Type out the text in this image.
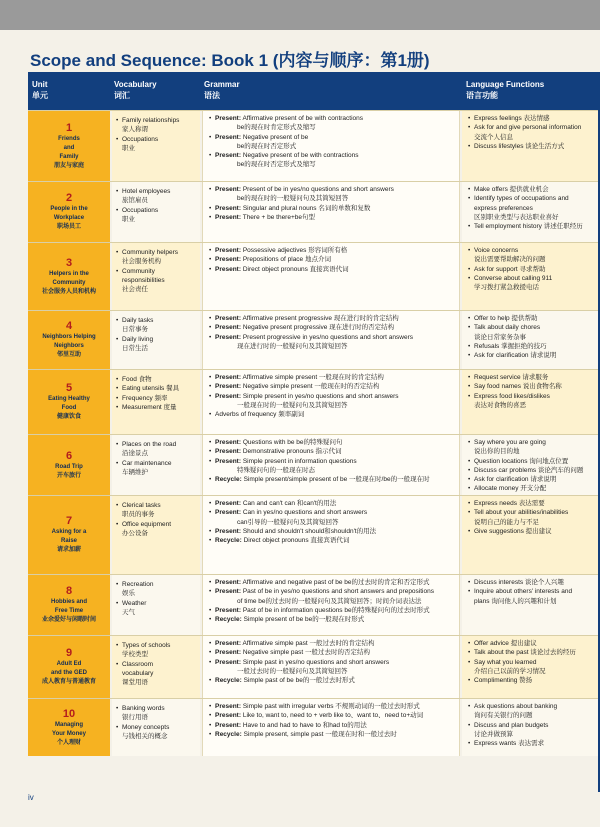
Scope and Sequence: Book 1 (内容与顺序：第1册)
Unit
单元
Vocabulary
词汇
Grammar
语法
Language Functions
语言功能
1
Friends
and
Family
朋友与家庭
• Family relationships
家人称谓
• Occupations
职业
• Present: Affirmative present of be with contractions
be的现在时肯定形式及缩写
• Present: Negative present of be
be的现在时否定形式
• Present: Negative present of be with contractions
be的现在时否定形式及缩写
• Express feelings 表达情感
• Ask for and give personal information
交流个人信息
• Discuss lifestyles 谈论生活方式
2
People in the
Workplace
职场员工
• Hotel employees
旅馆雇员
• Occupations
职业
• Present: Present of be in yes/no questions and short answers
be的现在时的一般疑问句及其简短回答
• Present: Singular and plural nouns 名词的单数和复数
• Present: There + be there+be句型
• Make offers 提供就业机会
• Identify types of occupations and
express preferences
区别职业类型与表达职业喜好
• Tell employment history 讲述任职经历
3
Helpers in the
Community
社会服务人员和机构
• Community helpers
社会服务机构
• Community
responsibilities
社会责任
• Present: Possessive adjectives 形容词所有格
• Present: Prepositions of place 地点介词
• Present: Direct object pronouns 直接宾语代词
• Voice concerns
说出需要帮助解决的问题
• Ask for support 寻求帮助
• Converse about calling 911
学习拨打紧急救援电话
4
Neighbors Helping
Neighbors
邻里互助
• Daily tasks
日常事务
• Daily living
日常生活
• Present: Affirmative present progressive 现在进行时的肯定结构
• Present: Negative present progressive 现在进行时的否定结构
• Present: Present progressive in yes/no questions and short answers
现在进行时的一般疑问句及其简短回答
• Offer to help 提供帮助
• Talk about daily chores
谈论日常家务杂事
• Refusals 掌握拒绝的技巧
• Ask for clarification 请求说明
5
Eating Healthy
Food
健康饮食
• Food 食物
• Eating utensils 餐具
• Frequency 频率
• Measurement 度量
• Present: Affirmative simple present 一般现在时的肯定结构
• Present: Negative simple present 一般现在时的否定结构
• Present: Simple present in yes/no questions and short answers
一般现在时的一般疑问句及其简短回答
• Adverbs of frequency 频率副词
• Request service 请求服务
• Say food names 说出食物名称
• Express food likes/dislikes
表达对食物的喜恶
6
Road Trip
开车旅行
• Places on the road
沿途景点
• Car maintenance
车辆维护
• Present: Questions with be be的特殊疑问句
• Present: Demonstrative pronouns 指示代词
• Present: Simple present in information questions
特殊疑问句的一般现在时态
• Recycle: Simple present/simple present of be 一般现在时/be的一般现在时
• Say where you are going
说出你的目的地
• Question locations 询问地点位置
• Discuss car problems 谈论汽车的问题
• Ask for clarification 请求说明
• Allocate money 开支分配
7
Asking for a
Raise
请求加薪
• Clerical tasks
职员的事务
• Office equipment
办公设备
• Present: Can and can't can 和can't的用法
• Present: Can in yes/no questions and short answers
can引导的一般疑问句及其简短回答
• Present: Should and shouldn't should和shouldn't的用法
• Recycle: Direct object pronouns 直接宾语代词
• Express needs 表达需要
• Tell about your abilities/inabilities
说明自己的能力与不足
• Give suggestions 提出建议
8
Hobbies and
Free Time
业余爱好与闲暇时间
• Recreation
娱乐
• Weather
天气
• Present: Affirmative and negative past of be be的过去时的肯定和否定形式
• Present: Past of be in yes/no questions and short answers and prepositions
of time be的过去时的一般疑问句及其简短回答；时间介词表达法
• Present: Past of be in information questions be的特殊疑问句的过去时形式
• Recycle: Simple present of be be的一般现在时形式
• Discuss interests 谈论个人兴趣
• Inquire about others' interests and
plans 询问他人的兴趣和计划
9
Adult Ed
and the GED
成人教育与普通教育
• Types of schools
学校类型
• Classroom
vocabulary
课堂用语
• Present: Affirmative simple past 一般过去时的肯定结构
• Present: Negative simple past 一般过去时的否定结构
• Present: Simple past in yes/no questions and short answers
一般过去时的一般疑问句及其简短回答
• Recycle: Simple past of be be的一般过去时形式
• Offer advice 提出建议
• Talk about the past 谈论过去的经历
• Say what you learned
介绍自己以前的学习情况
• Complimenting 赞扬
10
Managing
Your Money
个人理财
• Banking words
银行用语
• Money concepts
与钱相关的概念
• Present: Simple past with irregular verbs 不规则动词的一般过去时形式
• Present: Like to, want to, need to + verb like to、want to、need to+动词
• Present: Have to and had to have to 和had to的用法
• Recycle: Simple present, simple past 一般现在时和一般过去时
• Ask questions about banking
询问有关银行的问题
• Discuss and plan budgets
讨论并做预算
• Express wants 表达需求
iv
